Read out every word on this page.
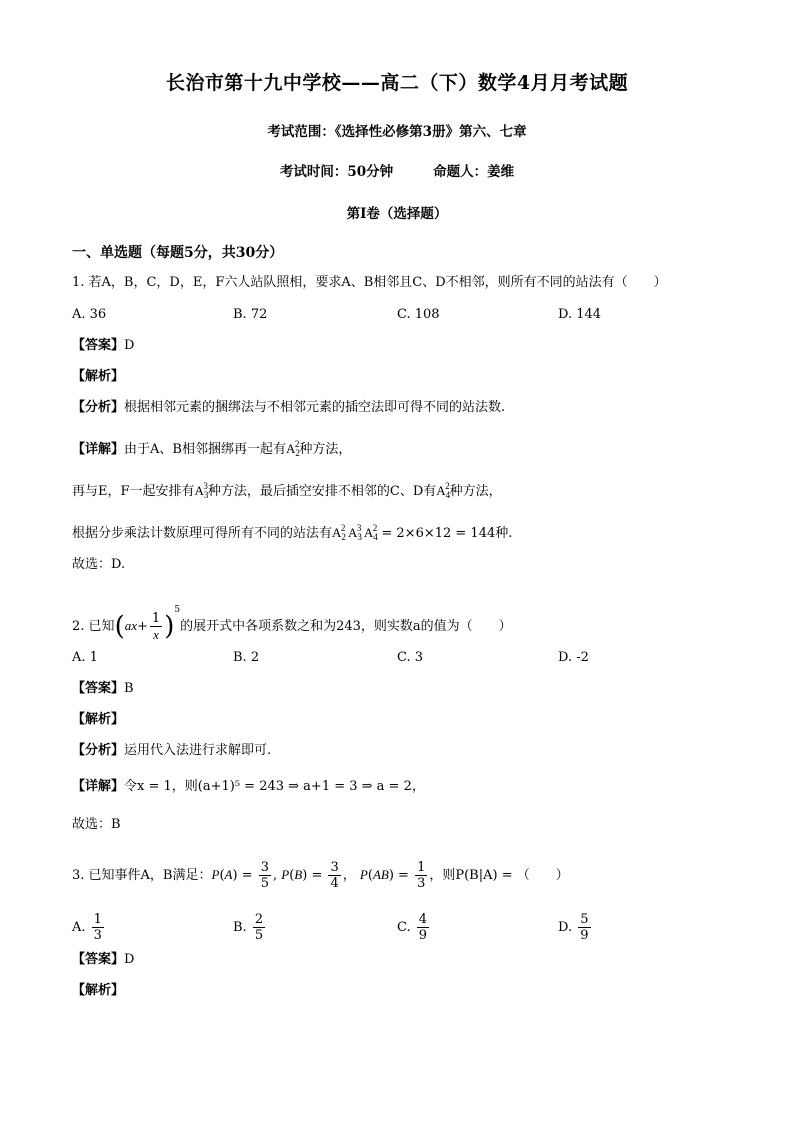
长治市第十九中学校——高二（下）数学4月月考试题
考试范围：《选择性必修第3册》第六、七章
考试时间：50分钟	命题人：姜维
第I卷（选择题）
一、单选题（每题5分，共30分）
1. 若A，B，C，D，E，F六人站队照相，要求A、B相邻且C、D不相邻，则所有不同的站法有（　　）
A. 36	B. 72	C. 108	D. 144
【答案】D
【解析】
【分析】根据相邻元素的捆绑法与不相邻元素的插空法即可得不同的站法数.
【详解】由于A、B相邻捆绑再一起有$A_2^2$种方法，
再与E，F一起安排有$A_3^3$种方法，最后插空安排不相邻的C、D有$A_4^2$种方法，
根据分步乘法计数原理可得所有不同的站法有$A_2^2$ $A_3^3$ $A_4^2 = 2\times 6\times 12 = 144$种.
故选：D.
2. 已知$(ax+ \frac{1}{x} )^5$的展开式中各项系数之和为243，则实数a的值为（　　）
A. 1	B. 2	C. 3	D. -2
【答案】B
【解析】
【分析】运用代入法进行求解即可.
【详解】令x = 1，则(a+1)⁵ = 243 ⇒ a+1 = 3 ⇒ a = 2，
故选：B
3. 已知事件A，B满足：$P(A) = \frac{3}{5}$ , $P(B) = \frac{3}{4}$ ， $P(AB) = \frac{1}{3}$ ，则P(B|A) = （　　）
A. $\frac{1}{3}$	B. $\frac{2}{5}$	C. $\frac{4}{9}$	D. $\frac{5}{9}$
【答案】D
【解析】
